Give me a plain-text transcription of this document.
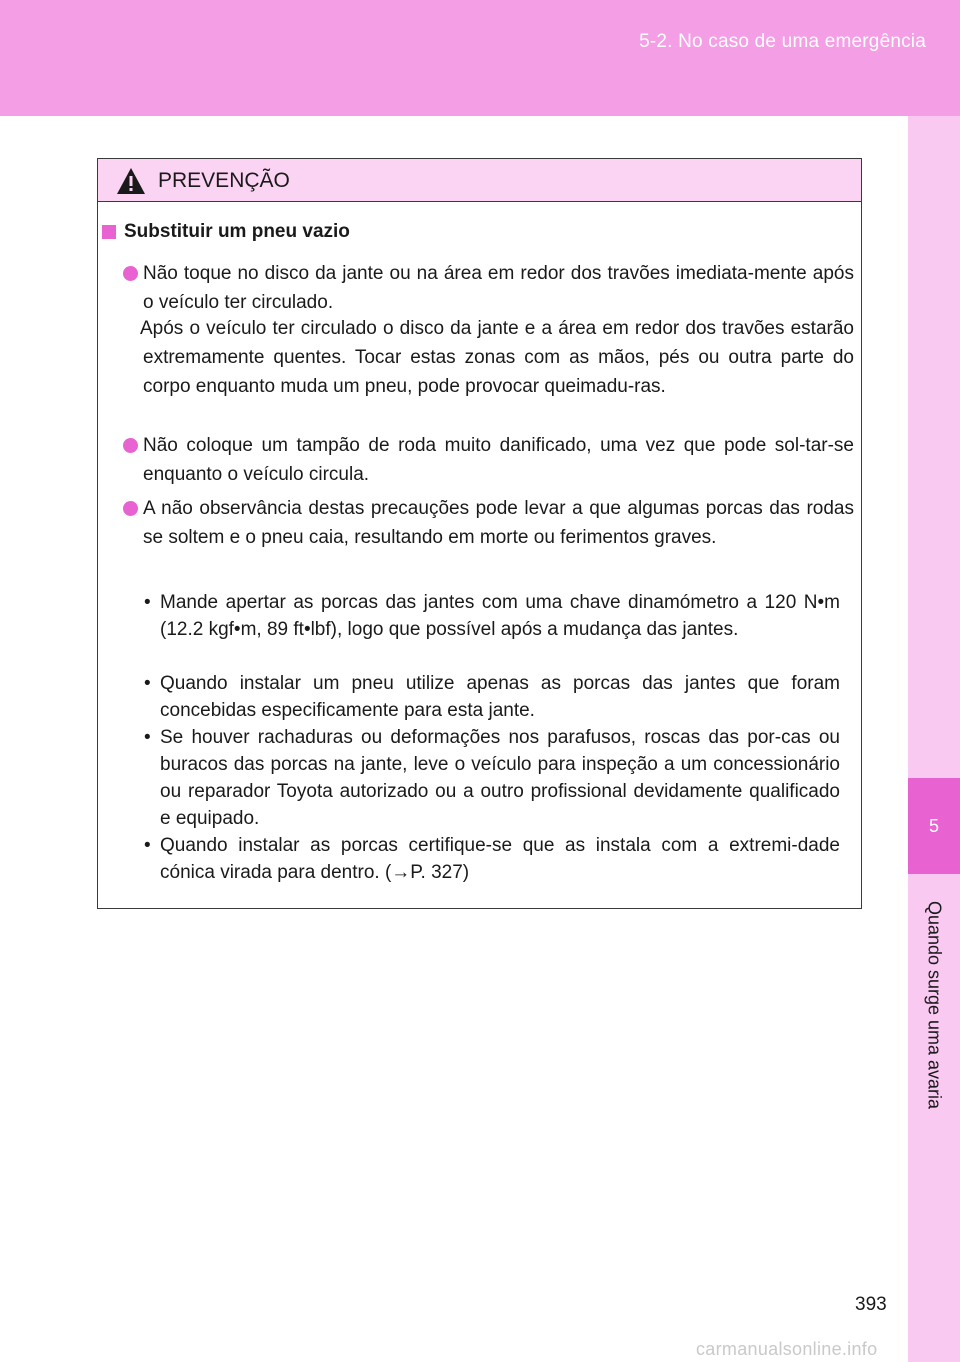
5-2. No caso de uma emergência
5
Quando surge uma avaria
PREVENÇÃO
Substituir um pneu vazio
Não toque no disco da jante ou na área em redor dos travões imediata-mente após o veículo ter circulado.
Após o veículo ter circulado o disco da jante e a área em redor dos travões estarão extremamente quentes. Tocar estas zonas com as mãos, pés ou outra parte do corpo enquanto muda um pneu, pode provocar queimadu-ras.
Não coloque um tampão de roda muito danificado, uma vez que pode sol-tar-se enquanto o veículo circula.
A não observância destas precauções pode levar a que algumas porcas das rodas se soltem e o pneu caia, resultando em morte ou ferimentos graves.
• Mande apertar as porcas das jantes com uma chave dinamómetro a 120 N•m (12.2 kgf•m, 89 ft•lbf), logo que possível após a mudança das jantes.
• Quando instalar um pneu utilize apenas as porcas das jantes que foram concebidas especificamente para esta jante.
• Se houver rachaduras ou deformações nos parafusos, roscas das por-cas ou buracos das porcas na jante, leve o veículo para inspeção a um concessionário ou reparador Toyota autorizado ou a outro profissional devidamente qualificado e equipado.
• Quando instalar as porcas certifique-se que as instala com a extremi-dade cónica virada para dentro. (→P. 327)
393
carmanualsonline.info
